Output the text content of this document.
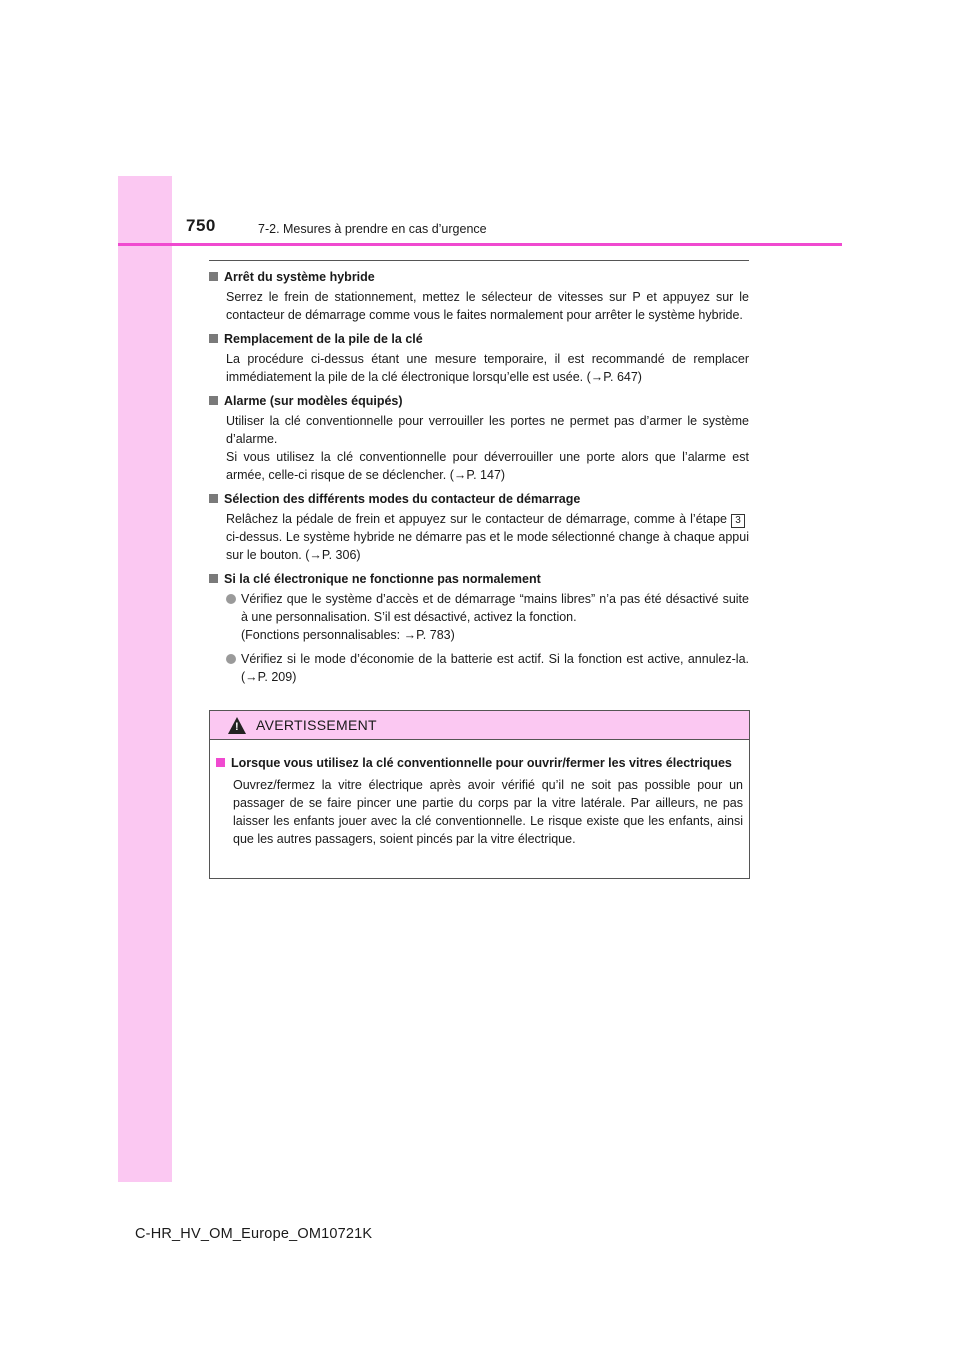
750	7-2. Mesures à prendre en cas d’urgence
Arrêt du système hybride

Serrez le frein de stationnement, mettez le sélecteur de vitesses sur P et appuyez sur le contacteur de démarrage comme vous le faites normalement pour arrêter le système hybride.

Remplacement de la pile de la clé

La procédure ci-dessus étant une mesure temporaire, il est recommandé de remplacer immédiatement la pile de la clé électronique lorsqu’elle est usée. (→P. 647)

Alarme (sur modèles équipés)

Utiliser la clé conventionnelle pour verrouiller les portes ne permet pas d’armer le système d’alarme.

Si vous utilisez la clé conventionnelle pour déverrouiller une porte alors que l’alarme est armée, celle-ci risque de se déclencher. (→P. 147)

Sélection des différents modes du contacteur de démarrage

Relâchez la pédale de frein et appuyez sur le contacteur de démarrage, comme à l’étape 3ci-dessus. Le système hybride ne démarre pas et le mode sélectionné change à chaque appui sur le bouton. (→P. 306)

Si la clé électronique ne fonctionne pas normalement
Vérifiez que le système d’accès et de démarrage “mains libres” n’a pas été désactivé suite à une personnalisation. S’il est désactivé, activez la fonction.
(Fonctions personnalisables: →P. 783)
Vérifiez si le mode d’économie de la batterie est actif. Si la fonction est active, annulez-la. (→P. 209)
! AVERTISSEMENT
Lorsque vous utilisez la clé conventionnelle pour ouvrir/fermer les vitres électriques

Ouvrez/fermez la vitre électrique après avoir vérifié qu’il ne soit pas possible pour un passager de se faire pincer une partie du corps par la vitre latérale. Par ailleurs, ne pas laisser les enfants jouer avec la clé conventionnelle. Le risque existe que les enfants, ainsi que les autres passagers, soient pincés par la vitre électrique.

C-HR_HV_OM_Europe_OM10721K
